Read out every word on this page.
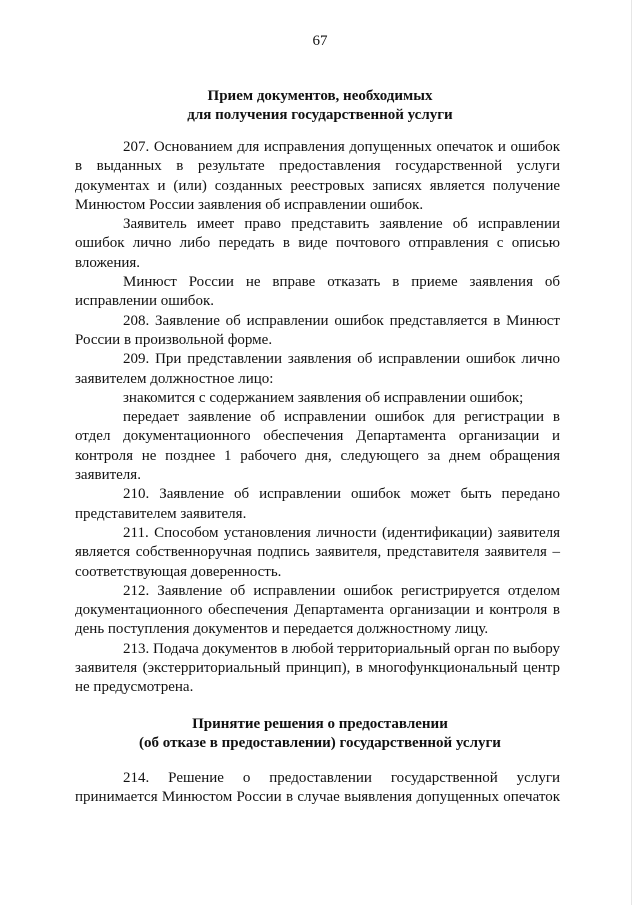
67
Прием документов, необходимых
для получения государственной услуги

207. Основанием для исправления допущенных опечаток и ошибок в выданных в результате предоставления государственной услуги документах и (или) созданных реестровых записях является получение Минюстом России заявления об исправлении ошибок.

Заявитель имеет право представить заявление об исправлении ошибок лично либо передать в виде почтового отправления с описью вложения.

Минюст России не вправе отказать в приеме заявления об исправлении ошибок.

208. Заявление об исправлении ошибок представляется в Минюст России в произвольной форме.

209. При представлении заявления об исправлении ошибок лично заявителем должностное лицо:

знакомится с содержанием заявления об исправлении ошибок;

передает заявление об исправлении ошибок для регистрации в отдел документационного обеспечения Департамента организации и контроля не позднее 1 рабочего дня, следующего за днем обращения заявителя.

210. Заявление об исправлении ошибок может быть передано представителем заявителя.

211. Способом установления личности (идентификации) заявителя является собственноручная подпись заявителя, представителя заявителя – соответствующая доверенность.

212. Заявление об исправлении ошибок регистрируется отделом документационного обеспечения Департамента организации и контроля в день поступления документов и передается должностному лицу.

213. Подача документов в любой территориальный орган по выбору заявителя (экстерриториальный принцип), в многофункциональный центр не предусмотрена.

Принятие решения о предоставлении
(об отказе в предоставлении) государственной услуги

214. Решение о предоставлении государственной услуги принимается Минюстом России в случае выявления допущенных опечаток
